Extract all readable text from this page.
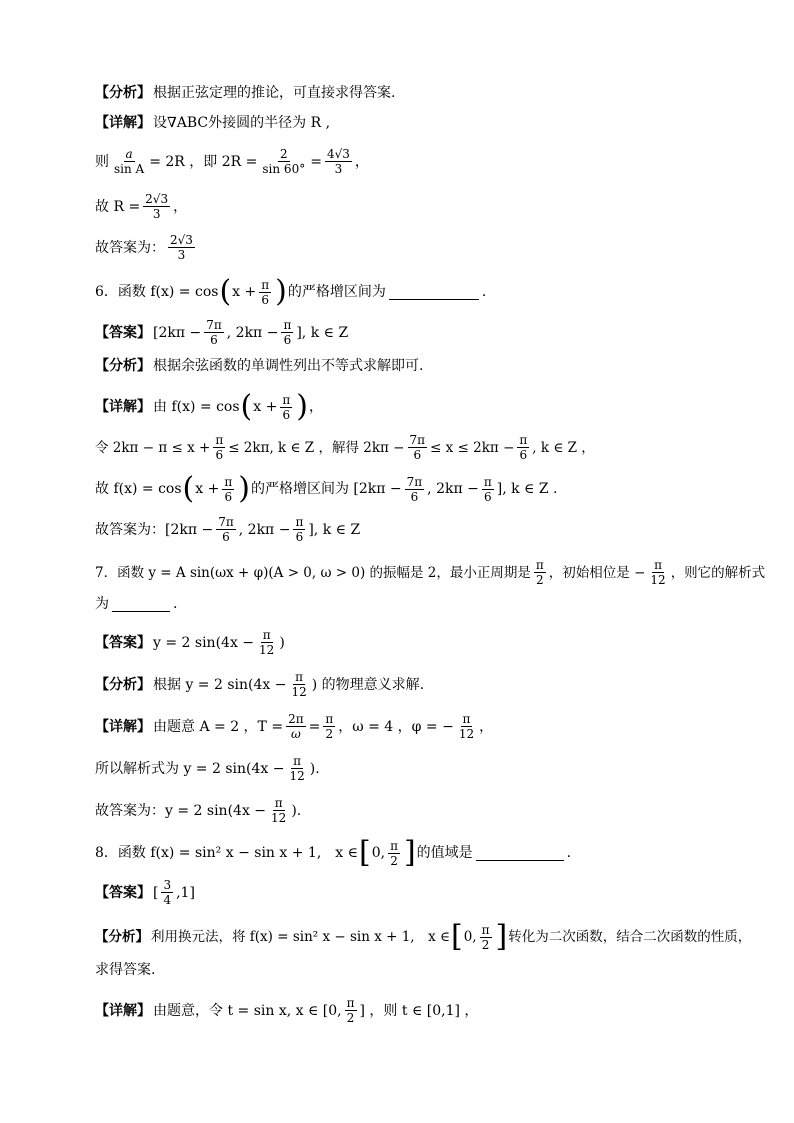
【分析】 根据正弦定理的推论，可直接求得答案.
【详解】 设∇ABC外接圆的半径为 R ,
则 $\frac{a}{\text{sin A}} = 2R$ ，即 $2R = \frac{2}{\sin 60^\circ} = \frac{4√3}{3}$ ，
故 $R = \frac{2√3}{3}$ ，
故答案为： $\frac{2√3}{3}$
6．函数 f(x) = cos ( $x + \frac{\pi}{6}$ ) 的严格增区间为	.
【答案】 [$2k\pi - \frac{7\pi}{6}$ , $2k\pi - \frac{\pi}{6}$ ], k ∈ Z
【分析】 根据余弦函数的单调性列出不等式求解即可.
【详解】 由 f(x) = cos ( $x + \frac{\pi}{6}$ ) ，
令 $2k\pi - \pi \le x + \frac{\pi}{6} \le 2k\pi$, k ∈ Z ，解得 $2k\pi - \frac{7\pi}{6} \le x \le 2k\pi - \frac{\pi}{6}$ , k ∈ Z ，
故 f(x) = cos ( $x + \frac{\pi}{6}$ ) 的严格增区间为 [$2k\pi - \frac{7\pi}{6}$ , $2k\pi - \frac{\pi}{6}$ ], k ∈ Z .
故答案为：[$2k\pi - \frac{7\pi}{6}$ , $2k\pi - \frac{\pi}{6}$ ], k ∈ Z
7．函数 y = A sin(ωx + φ)(A > 0, ω > 0) 的振幅是 2，最小正周期是 $\frac{\pi}{2}$ ，初始相位是 − $\frac{\pi}{12}$ ，则它的解析式
为	.
【答案】 y = 2 $\sin(4x - \frac{\pi}{12}$ )
【分析】 根据 y = 2 $\sin(4x - \frac{\pi}{12}$ ) 的物理意义求解.
【详解】 由题意 A = 2 ，$T = \frac{2\pi}{\omega} = \frac{\pi}{2}$ ，ω = 4 ，φ = − $\frac{\pi}{12}$ ，
所以解析式为 y = 2 $\sin(4x - \frac{\pi}{12}$ ).
故答案为：y = 2 $\sin(4x - \frac{\pi}{12}$ ).
8．函数 f(x) = sin² x − sin x + 1,　x ∈ [ 0, $\frac{\pi}{2}$ ] 的值域是	.
【答案】 [ $\frac{3}{4} ,1$]
【分析】 利用换元法，将 f(x) = sin² x − sin x + 1,　x ∈ [ 0, $\frac{\pi}{2}$ ] 转化为二次函数，结合二次函数的性质，
求得答案.
【详解】 由题意，令 t = sin x, x ∈ [0, $\frac{\pi}{2}$ ] ，则 t ∈ [0,1] ，
